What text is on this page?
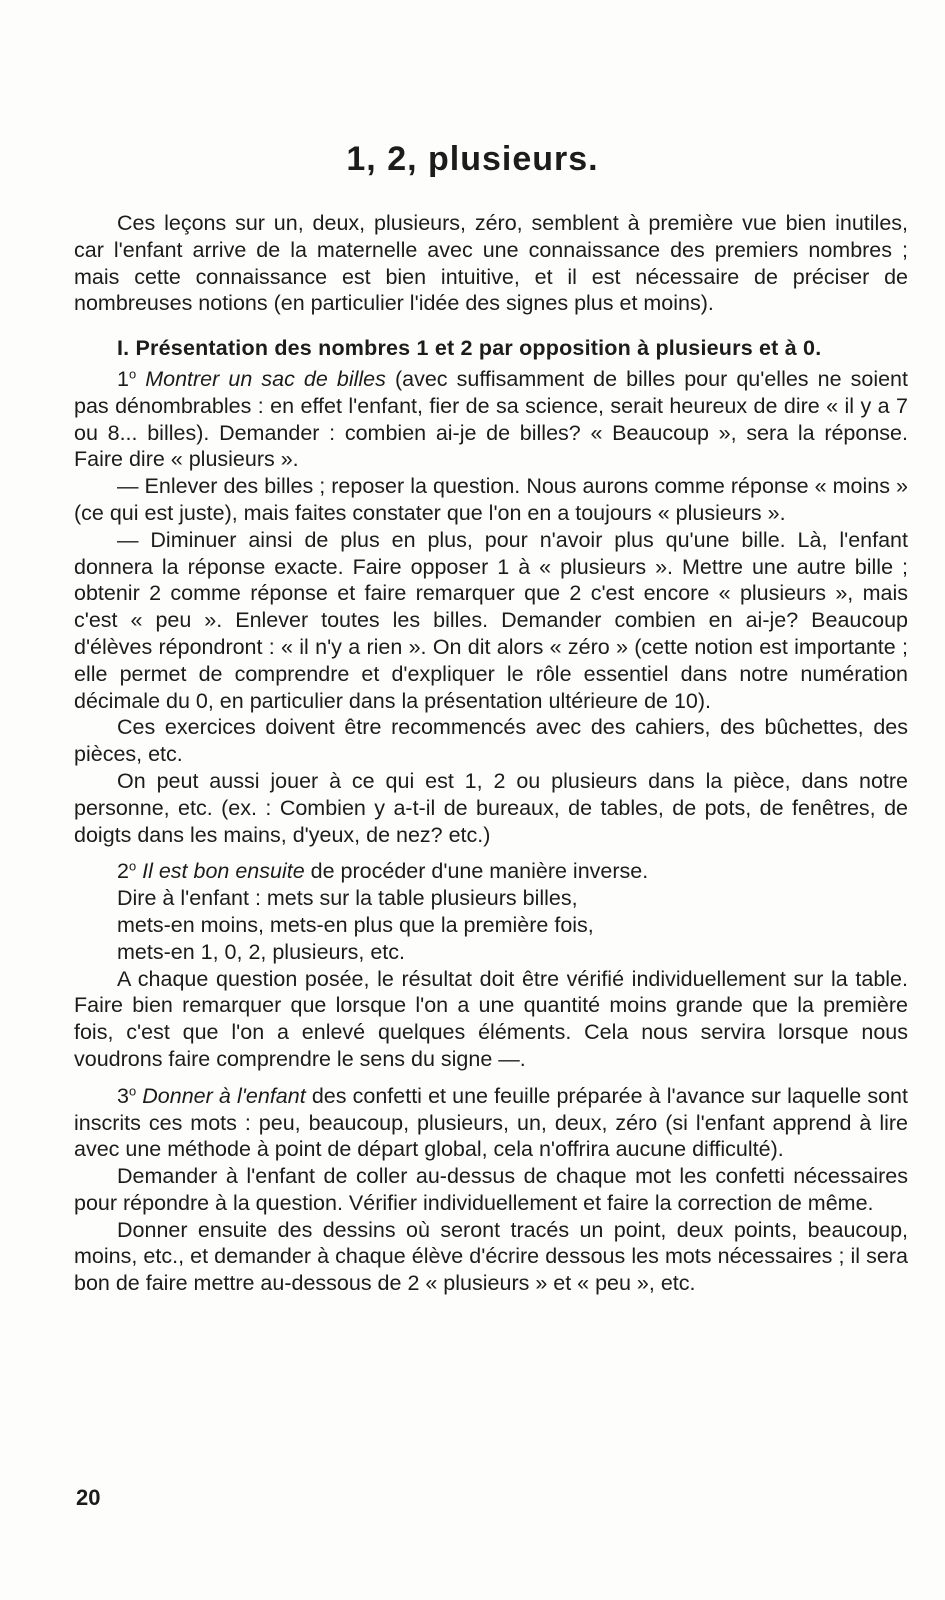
1, 2, plusieurs.

Ces leçons sur un, deux, plusieurs, zéro, semblent à première vue bien inutiles, car l'enfant arrive de la maternelle avec une connaissance des premiers nombres ; mais cette connaissance est bien intuitive, et il est nécessaire de préciser de nombreuses notions (en particulier l'idée des signes plus et moins).

I. Présentation des nombres 1 et 2 par opposition à plusieurs et à 0.

1$^o$ Montrer un sac de billes (avec suffisamment de billes pour qu'elles ne soient pas dénombrables : en effet l'enfant, fier de sa science, serait heureux de dire « il y a 7 ou 8... billes). Demander : combien ai-je de billes? « Beaucoup », sera la réponse. Faire dire « plusieurs ».

— Enlever des billes ; reposer la question. Nous aurons comme réponse « moins » (ce qui est juste), mais faites constater que l'on en a toujours « plusieurs ».

— Diminuer ainsi de plus en plus, pour n'avoir plus qu'une bille. Là, l'enfant donnera la réponse exacte. Faire opposer 1 à « plusieurs ». Mettre une autre bille ; obtenir 2 comme réponse et faire remarquer que 2 c'est encore « plusieurs », mais c'est « peu ». Enlever toutes les billes. Demander combien en ai-je? Beaucoup d'élèves répondront : « il n'y a rien ». On dit alors « zéro » (cette notion est importante ; elle permet de comprendre et d'expliquer le rôle essentiel dans notre numération décimale du 0, en particulier dans la présentation ultérieure de 10).

Ces exercices doivent être recommencés avec des cahiers, des bûchettes, des pièces, etc.

On peut aussi jouer à ce qui est 1, 2 ou plusieurs dans la pièce, dans notre personne, etc. (ex. : Combien y a-t-il de bureaux, de tables, de pots, de fenêtres, de doigts dans les mains, d'yeux, de nez? etc.)

2$^o$ Il est bon ensuite de procéder d'une manière inverse.

Dire à l'enfant : mets sur la table plusieurs billes,

mets-en moins, mets-en plus que la première fois,

mets-en 1, 0, 2, plusieurs, etc.

A chaque question posée, le résultat doit être vérifié individuellement sur la table. Faire bien remarquer que lorsque l'on a une quantité moins grande que la première fois, c'est que l'on a enlevé quelques éléments. Cela nous servira lorsque nous voudrons faire comprendre le sens du signe —.

3$^o$ Donner à l'enfant des confetti et une feuille préparée à l'avance sur laquelle sont inscrits ces mots : peu, beaucoup, plusieurs, un, deux, zéro (si l'enfant apprend à lire avec une méthode à point de départ global, cela n'offrira aucune difficulté).

Demander à l'enfant de coller au-dessus de chaque mot les confetti nécessaires pour répondre à la question. Vérifier individuellement et faire la correction de même.

Donner ensuite des dessins où seront tracés un point, deux points, beaucoup, moins, etc., et demander à chaque élève d'écrire dessous les mots nécessaires ; il sera bon de faire mettre au-dessous de 2 « plusieurs » et « peu », etc.

20
